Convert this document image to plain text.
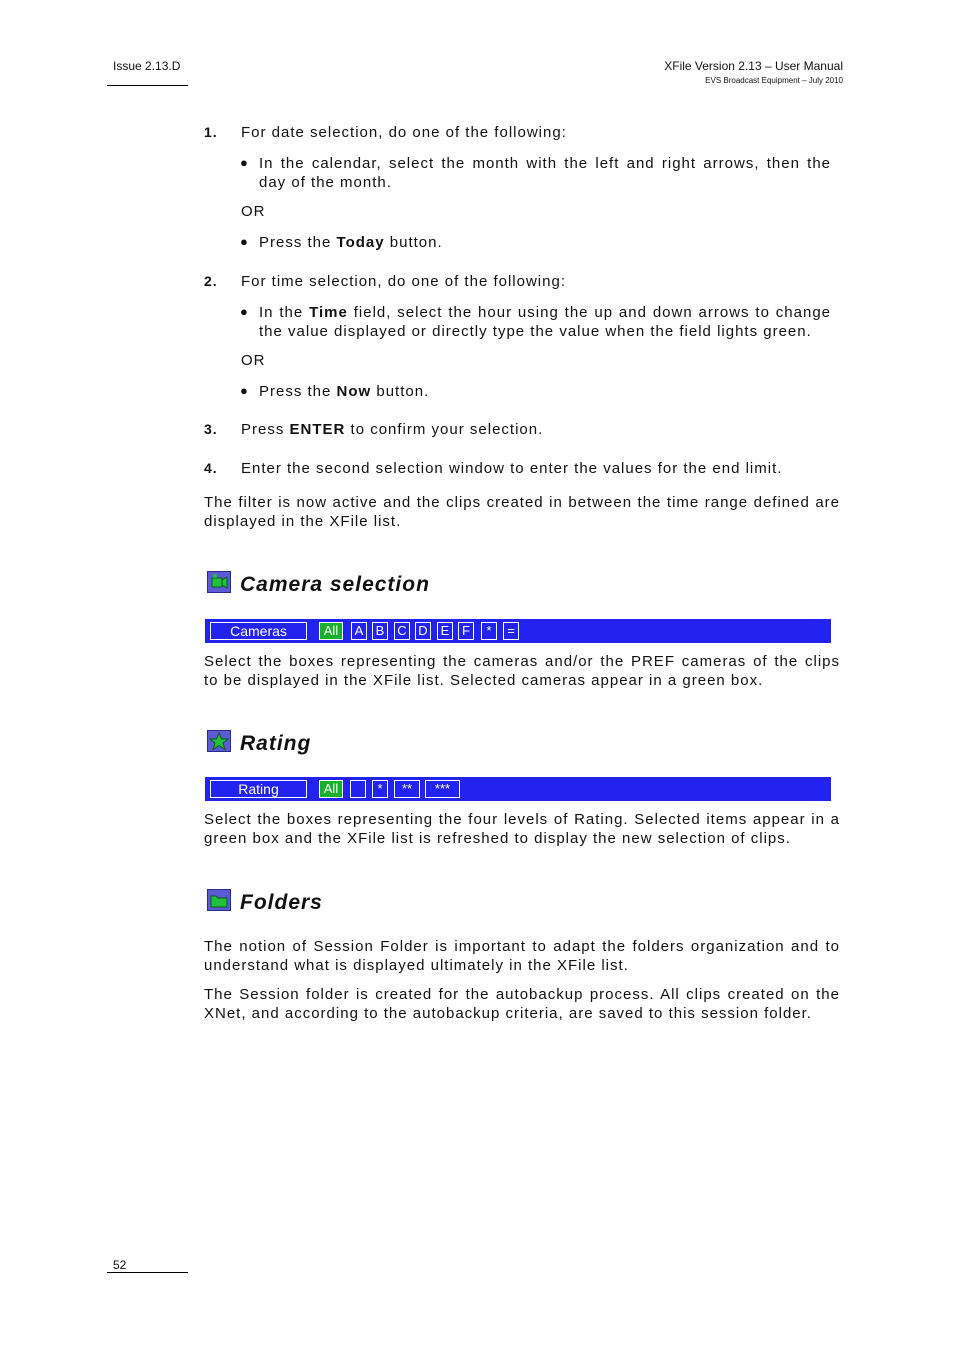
Issue 2.13.D	XFile Version 2.13 – User Manual
EVS Broadcast Equipment – July 2010
1. For date selection, do one of the following:
● In the calendar, select the month with the left and right arrows, then the day of the month.
OR
● Press the Today button.
2. For time selection, do one of the following:
● In the Time field, select the hour using the up and down arrows to change the value displayed or directly type the value when the field lights green.
OR
● Press the Now button.
3. Press ENTER to confirm your selection.
4. Enter the second selection window to enter the values for the end limit.
The filter is now active and the clips created in between the time range defined are displayed in the XFile list.
Camera selection
Cameras	All	A B C D E F	*	=
Select the boxes representing the cameras and/or the PREF cameras of the clips to be displayed in the XFile list. Selected cameras appear in a green box.
Rating
Rating	All	*	**	***
Select the boxes representing the four levels of Rating. Selected items appear in a green box and the XFile list is refreshed to display the new selection of clips.
Folders
The notion of Session Folder is important to adapt the folders organization and to understand what is displayed ultimately in the XFile list.
The Session folder is created for the autobackup process. All clips created on the XNet, and according to the autobackup criteria, are saved to this session folder.
52
